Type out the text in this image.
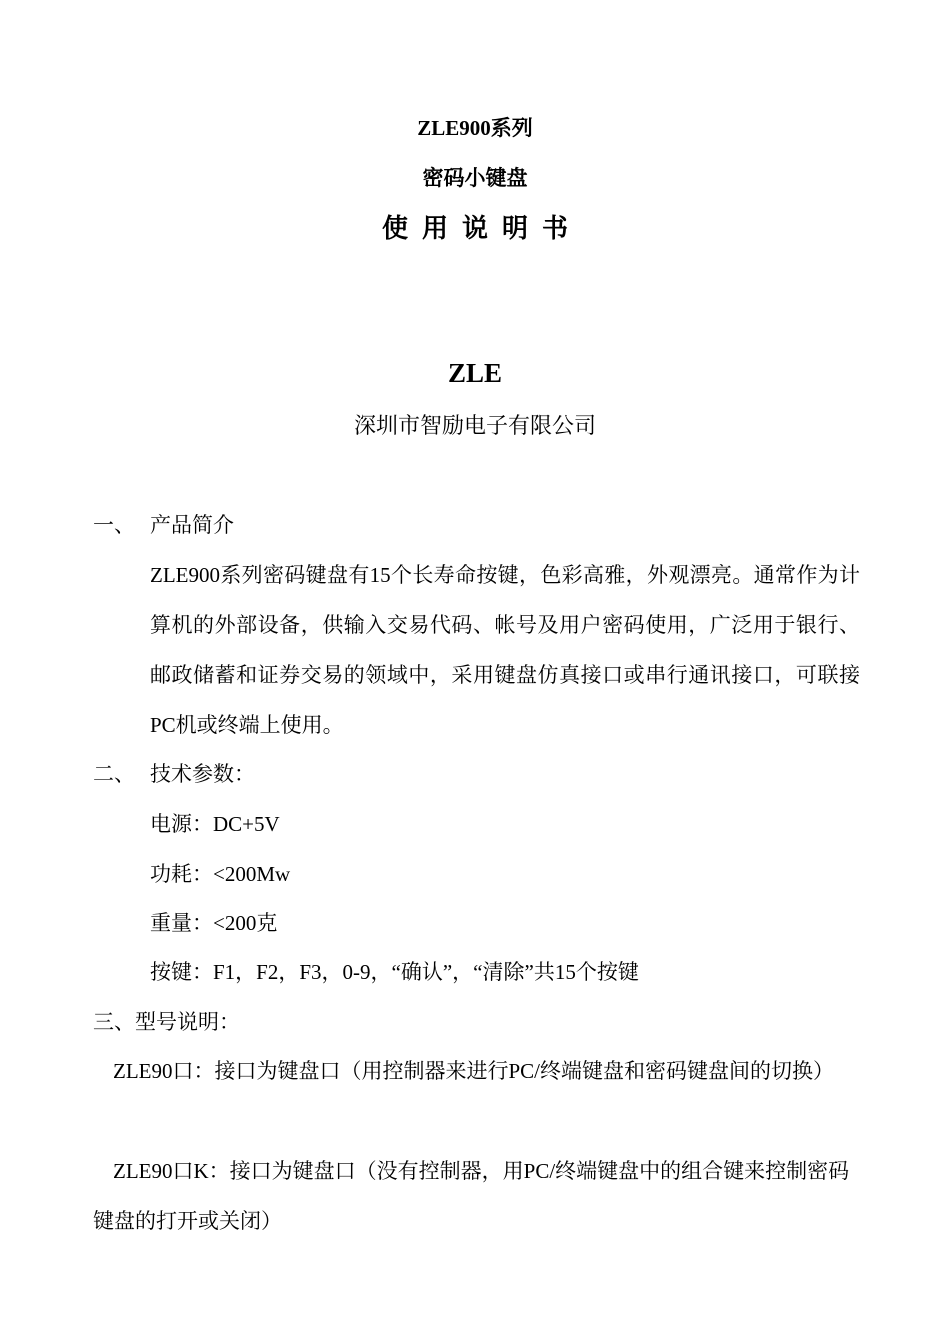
ZLE900系列
密码小键盘
使用说明书
ZLE
深圳市智励电子有限公司
一、 产品简介
ZLE900系列密码键盘有15个长寿命按键，色彩高雅，外观漂亮。通常作为计算机的外部设备，供输入交易代码、帐号及用户密码使用，广泛用于银行、邮政储蓄和证券交易的领域中，采用键盘仿真接口或串行通讯接口，可联接PC机或终端上使用。
二、 技术参数：
电源：DC+5V
功耗：<200Mw
重量：<200克
按键：F1，F2，F3，0-9，“确认”，“清除”共15个按键
三、型号说明：
ZLE90口：接口为键盘口（用控制器来进行PC/终端键盘和密码键盘间的切换）
ZLE90口K：接口为键盘口（没有控制器，用PC/终端键盘中的组合键来控制密码键盘的打开或关闭）
